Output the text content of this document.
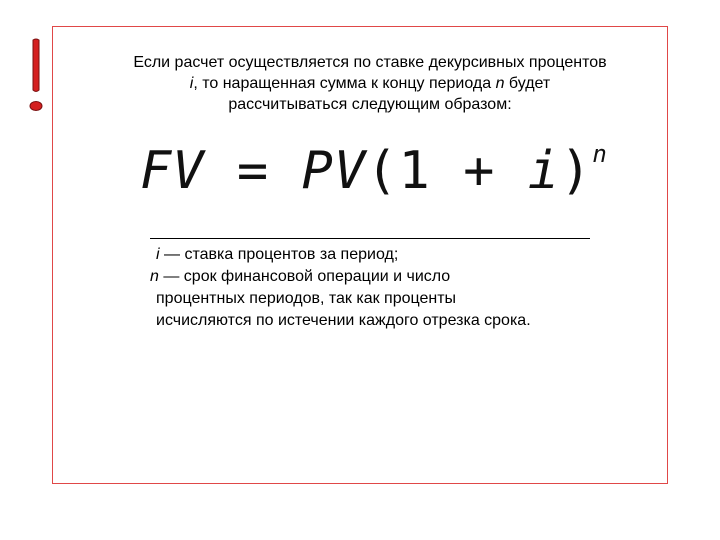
Если расчет осуществляется по ставке декурсивных процентов

i, то наращенная сумма к концу периода n будет

рассчитываться следующим образом:

FV = $PV(1 + i)^n$

i — ставка процентов за период;

n — срок финансовой операции и число

процентных периодов, так как проценты

исчисляются по истечении каждого отрезка срока.
